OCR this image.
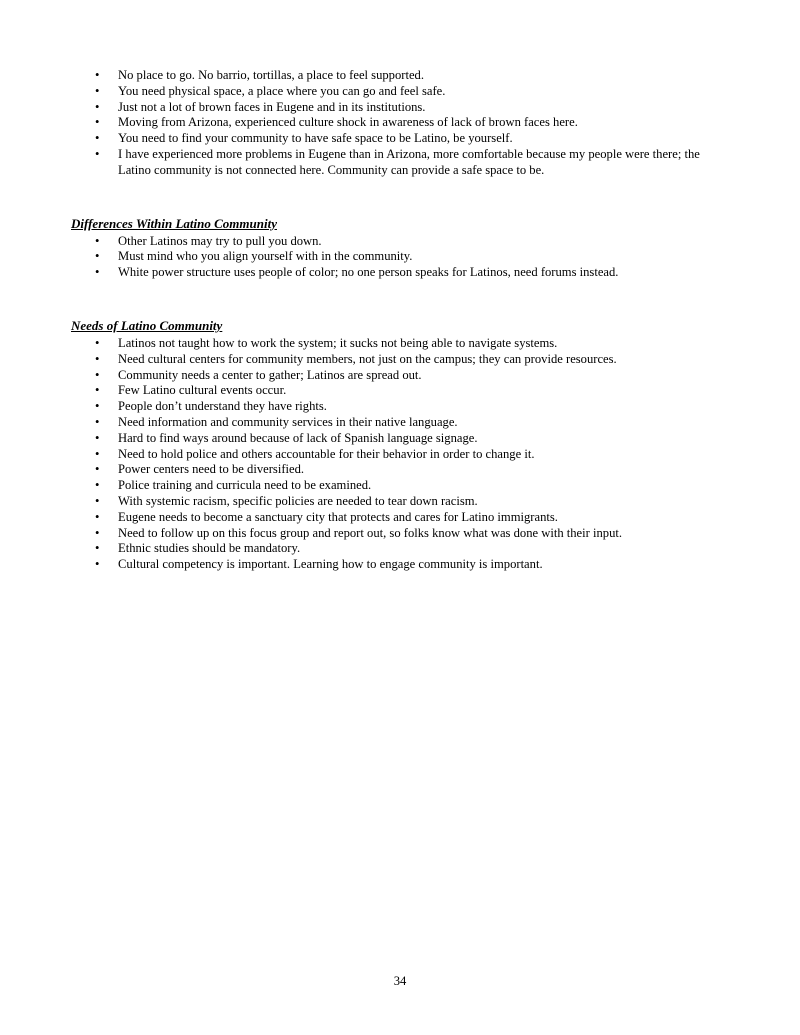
• No place to go. No barrio, tortillas, a place to feel supported.
• You need physical space, a place where you can go and feel safe.
• Just not a lot of brown faces in Eugene and in its institutions.
• Moving from Arizona, experienced culture shock in awareness of lack of brown faces here.
• You need to find your community to have safe space to be Latino, be yourself.
• I have experienced more problems in Eugene than in Arizona, more comfortable because my people were there; the Latino community is not connected here. Community can provide a safe space to be.
Differences Within Latino Community
• Other Latinos may try to pull you down.
• Must mind who you align yourself with in the community.
• White power structure uses people of color; no one person speaks for Latinos, need forums instead.
Needs of Latino Community
• Latinos not taught how to work the system; it sucks not being able to navigate systems.
• Need cultural centers for community members, not just on the campus; they can provide resources.
• Community needs a center to gather; Latinos are spread out.
• Few Latino cultural events occur.
• People don’t understand they have rights.
• Need information and community services in their native language.
• Hard to find ways around because of lack of Spanish language signage.
• Need to hold police and others accountable for their behavior in order to change it.
• Power centers need to be diversified.
• Police training and curricula need to be examined.
• With systemic racism, specific policies are needed to tear down racism.
• Eugene needs to become a sanctuary city that protects and cares for Latino immigrants.
• Need to follow up on this focus group and report out, so folks know what was done with their input.
• Ethnic studies should be mandatory.
• Cultural competency is important. Learning how to engage community is important.
34
